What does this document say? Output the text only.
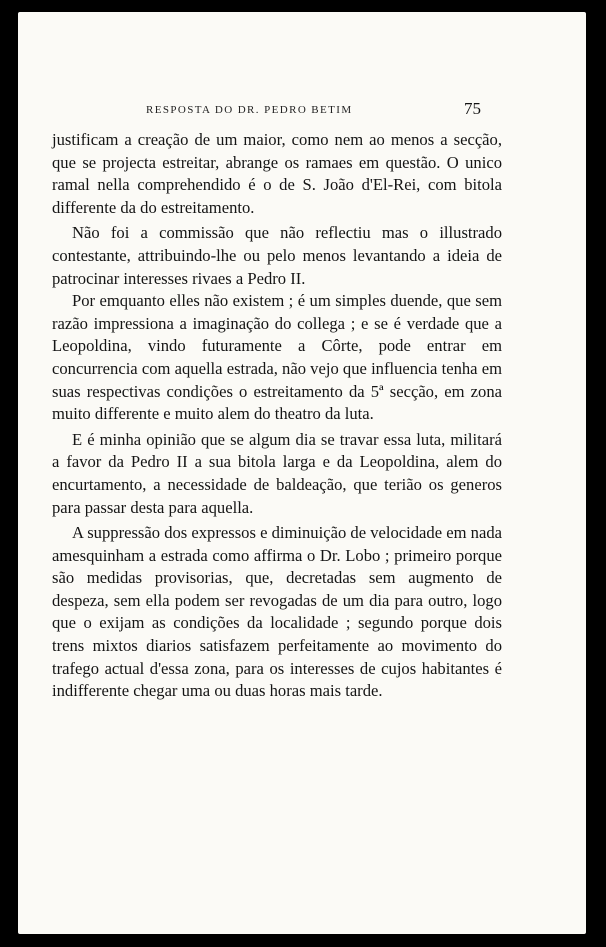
RESPOSTA DO DR. PEDRO BETIM	75

justificam a creação de um maior, como nem ao menos a secção, que se projecta estreitar, abrange os ramaes em questão. O unico ramal nella comprehendido é o de S. João d'El-Rei, com bitola differente da do estreitamento.

Não foi a commissão que não reflectiu mas o illustrado contestante, attribuindo-lhe ou pelo menos levantando a ideia de patrocinar interesses rivaes a Pedro II.

Por emquanto elles não existem ; é um simples duende, que sem razão impressiona a imaginação do collega ; e se é verdade que a Leopoldina, vindo futuramente a Côrte, pode entrar em concurrencia com aquella estrada, não vejo que influencia tenha em suas respectivas condições o estreitamento da 5ª secção, em zona muito differente e muito alem do theatro da luta.

E é minha opinião que se algum dia se travar essa luta, militará a favor da Pedro II a sua bitola larga e da Leopoldina, alem do encurtamento, a necessidade de baldeação, que terião os generos para passar desta para aquella.

A suppressão dos expressos e diminuição de velocidade em nada amesquinham a estrada como affirma o Dr. Lobo ; primeiro porque são medidas provisorias, que, decretadas sem augmento de despeza, sem ella podem ser revogadas de um dia para outro, logo que o exijam as condições da localidade ; segundo porque dois trens mixtos diarios satisfazem perfeitamente ao movimento do trafego actual d'essa zona, para os interesses de cujos habitantes é indifferente chegar uma ou duas horas mais tarde.
